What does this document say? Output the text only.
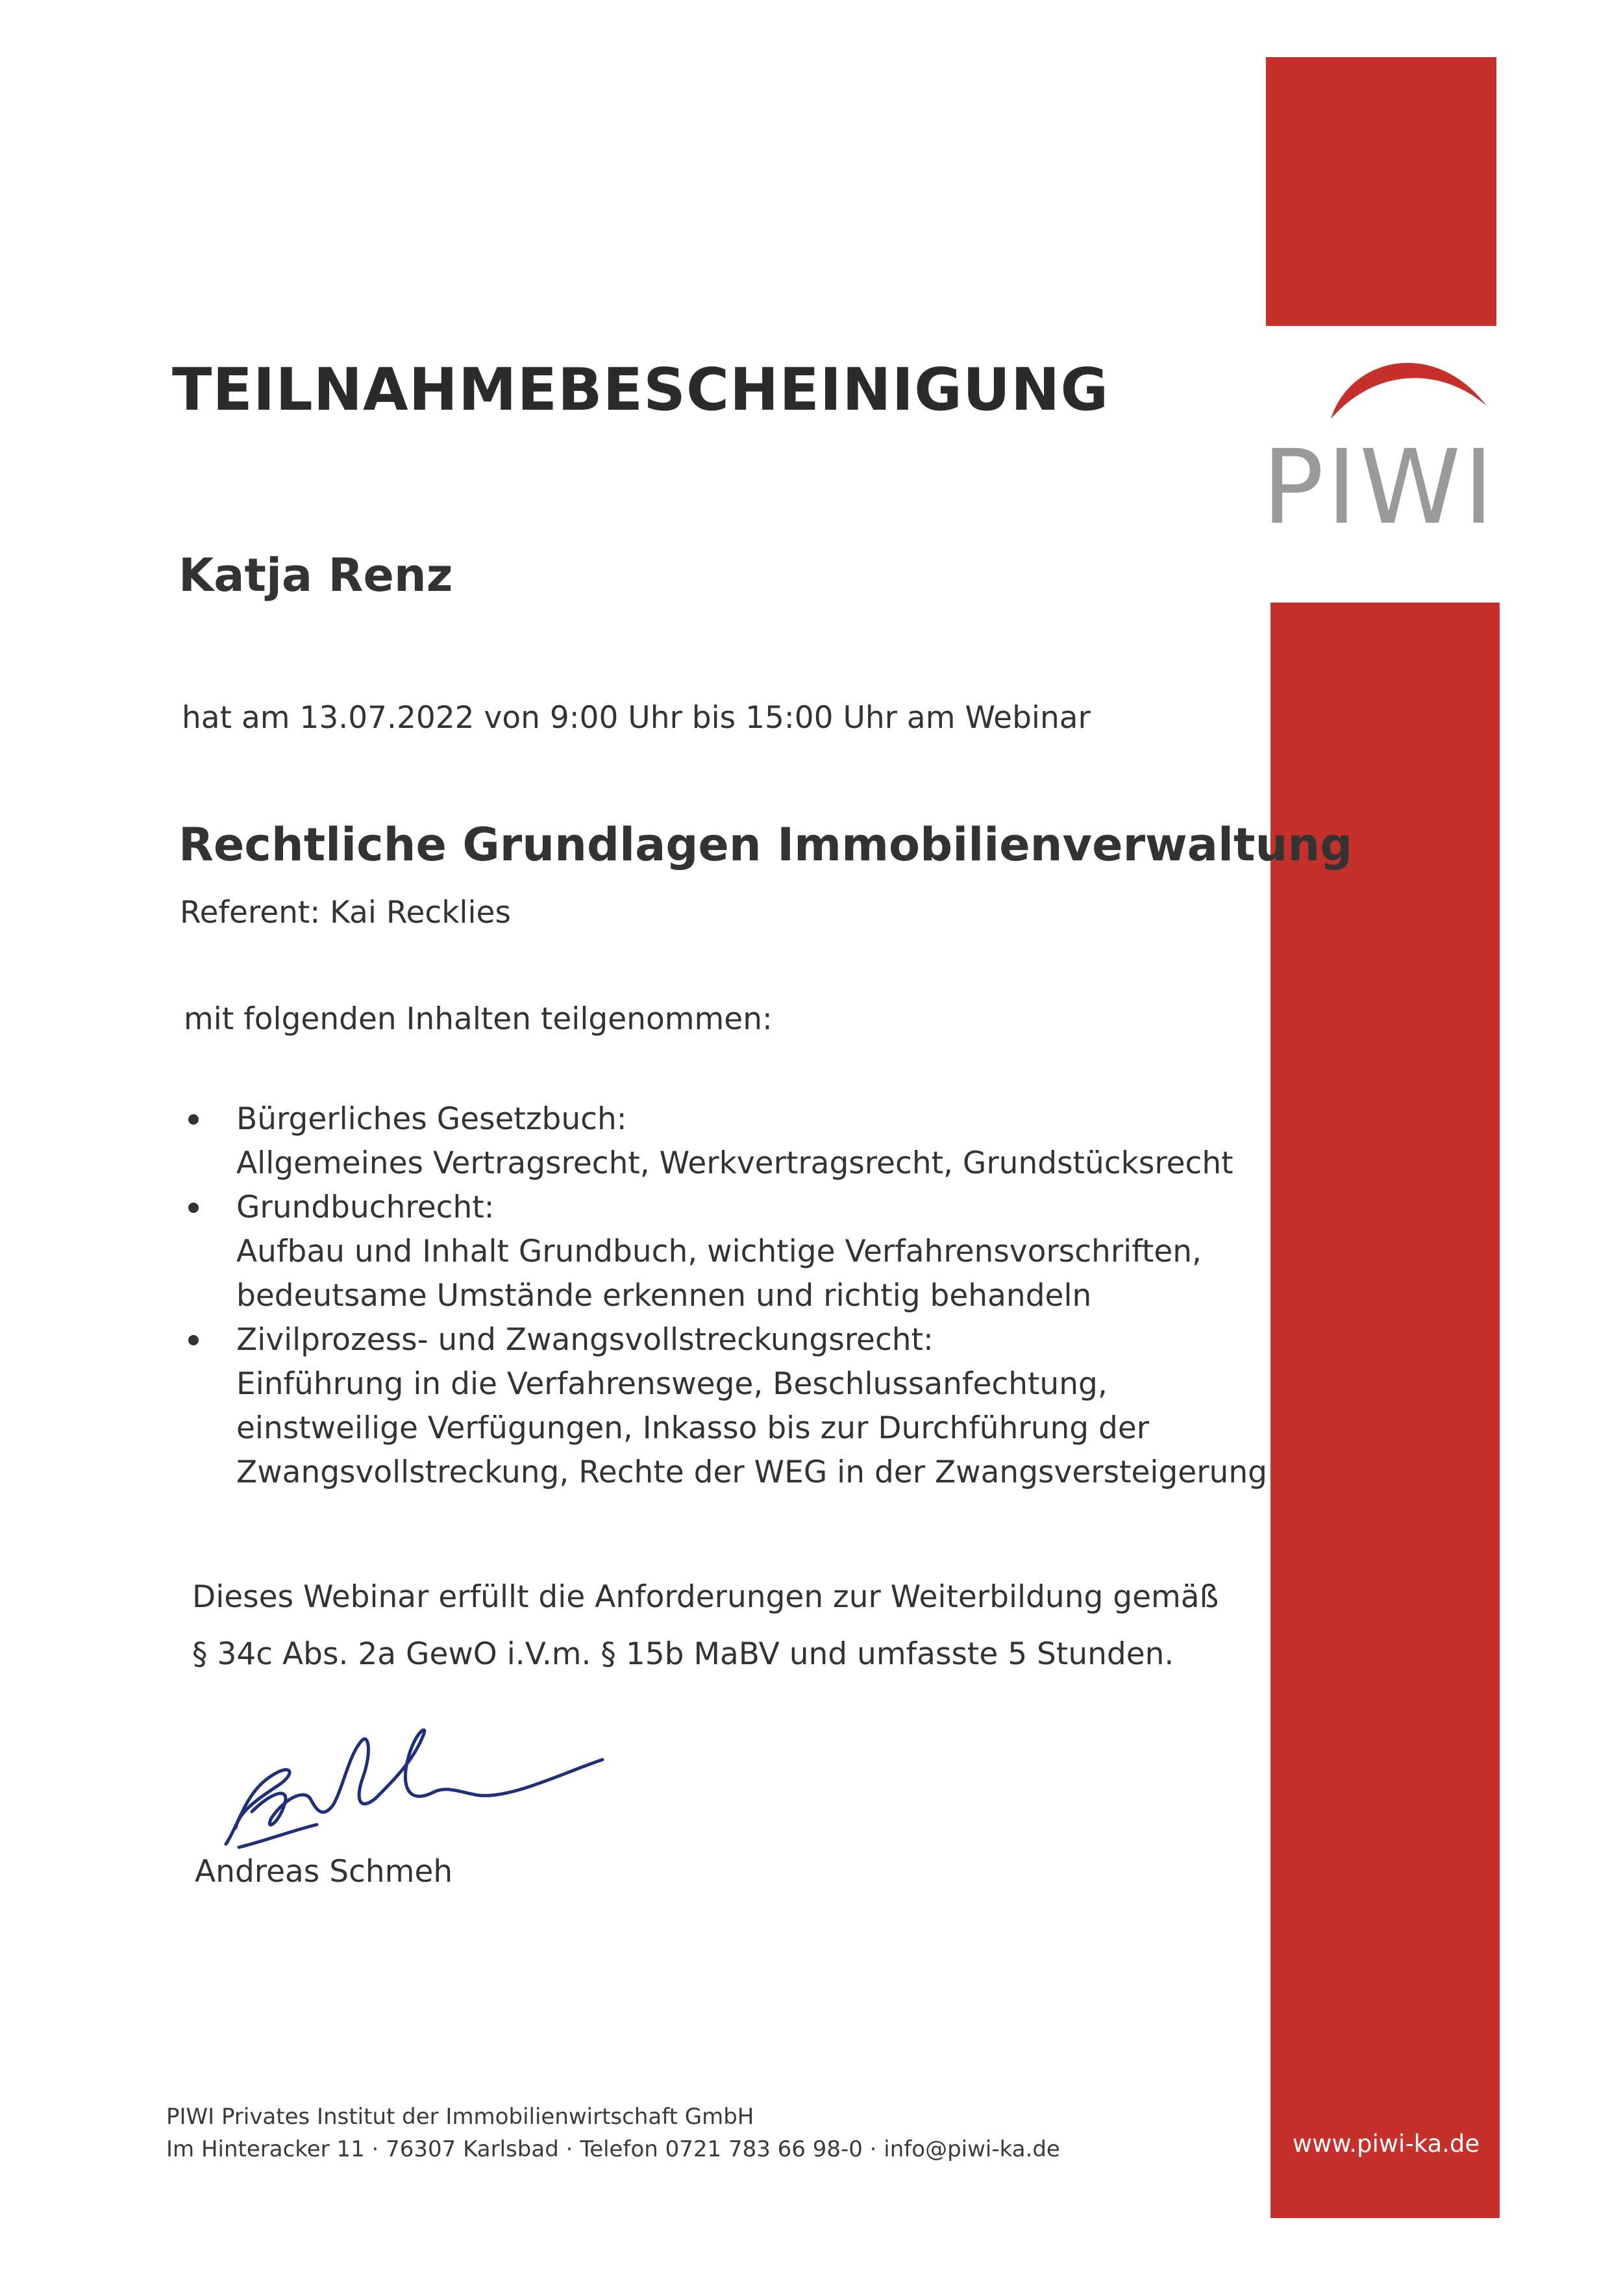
PIWI
TEILNAHMEBESCHEINIGUNG
Katja Renz
hat am 13.07.2022 von 9:00 Uhr bis 15:00 Uhr am Webinar
Rechtliche Grundlagen Immobilienverwaltung
Referent: Kai Recklies
mit folgenden Inhalten teilgenommen:
Bürgerliches Gesetzbuch:
Allgemeines Vertragsrecht, Werkvertragsrecht, Grundstücksrecht
Grundbuchrecht:
Aufbau und Inhalt Grundbuch, wichtige Verfahrensvorschriften,
bedeutsame Umstände erkennen und richtig behandeln
Zivilprozess- und Zwangsvollstreckungsrecht:
Einführung in die Verfahrenswege, Beschlussanfechtung,
einstweilige Verfügungen, Inkasso bis zur Durchführung der
Zwangsvollstreckung, Rechte der WEG in der Zwangsversteigerung
Dieses Webinar erfüllt die Anforderungen zur Weiterbildung gemäß
§ 34c Abs. 2a GewO i.V.m. § 15b MaBV und umfasste 5 Stunden.
Andreas Schmeh
PIWI Privates Institut der Immobilienwirtschaft GmbH
Im Hinteracker 11 · 76307 Karlsbad · Telefon 0721 783 66 98-0 · info@piwi-ka.de	www.piwi-ka.de
